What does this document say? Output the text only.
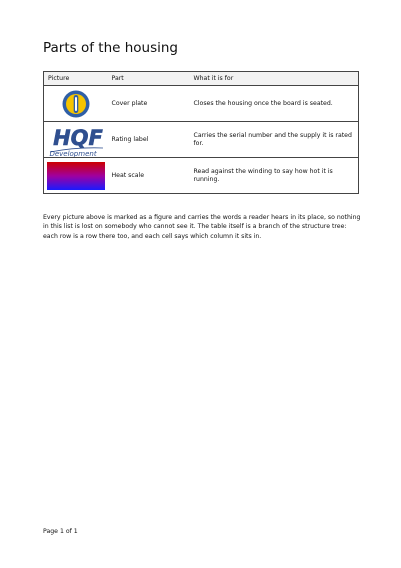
Parts of the housing
Picture	Part	What it is for

	Cover plate	Closes the housing once the board is seated.

HQF
Development	Rating label	Carries the serial number and the supply it is rated for.

	Heat scale	Read against the winding to say how hot it is running.

Every picture above is marked as a figure and carries the words a reader hears in its place, so nothing in this list is lost on somebody who cannot see it. The table itself is a branch of the structure tree: each row is a row there too, and each cell says which column it sits in.

Page 1 of 1
